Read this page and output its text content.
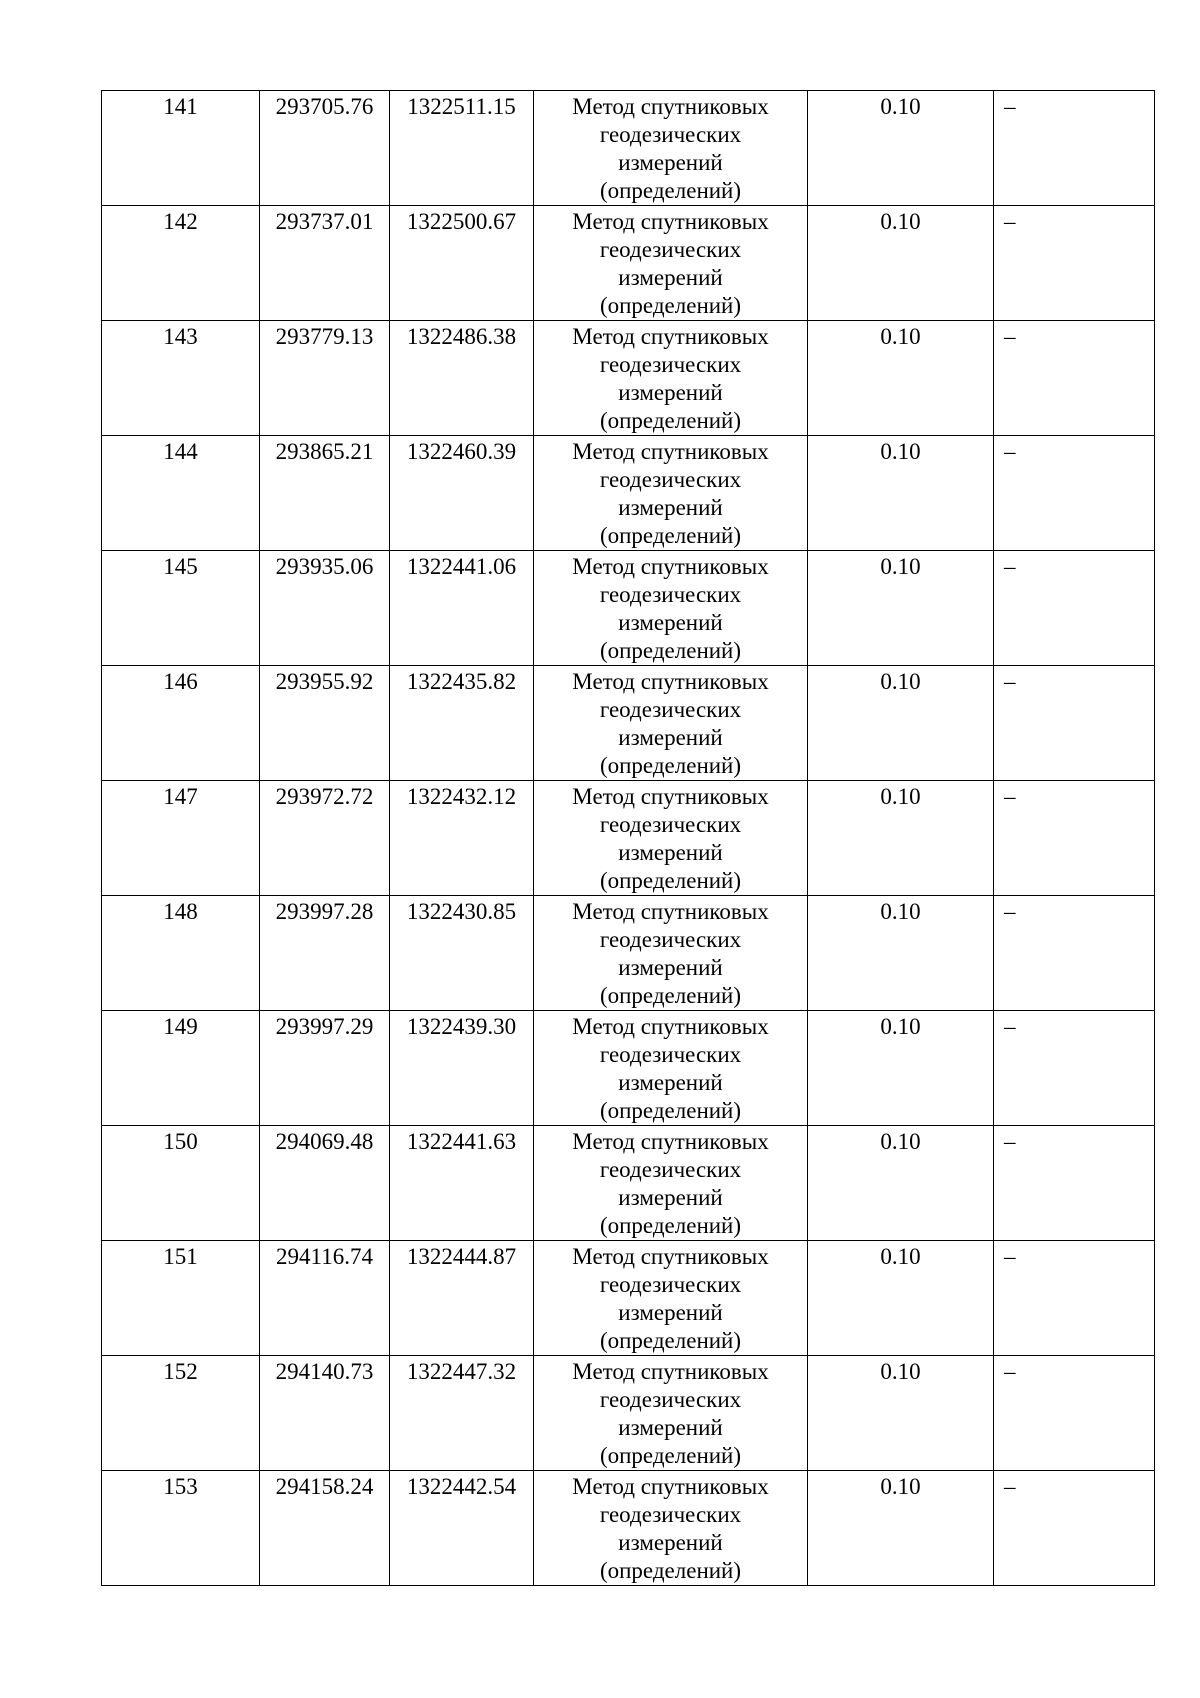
141	293705.76	1322511.15	Метод спутниковых
геодезических
измерений
(определений)	0.10	–

142	293737.01	1322500.67	Метод спутниковых
геодезических
измерений
(определений)	0.10	–

143	293779.13	1322486.38	Метод спутниковых
геодезических
измерений
(определений)	0.10	–

144	293865.21	1322460.39	Метод спутниковых
геодезических
измерений
(определений)	0.10	–

145	293935.06	1322441.06	Метод спутниковых
геодезических
измерений
(определений)	0.10	–

146	293955.92	1322435.82	Метод спутниковых
геодезических
измерений
(определений)	0.10	–

147	293972.72	1322432.12	Метод спутниковых
геодезических
измерений
(определений)	0.10	–

148	293997.28	1322430.85	Метод спутниковых
геодезических
измерений
(определений)	0.10	–

149	293997.29	1322439.30	Метод спутниковых
геодезических
измерений
(определений)	0.10	–

150	294069.48	1322441.63	Метод спутниковых
геодезических
измерений
(определений)	0.10	–

151	294116.74	1322444.87	Метод спутниковых
геодезических
измерений
(определений)	0.10	–

152	294140.73	1322447.32	Метод спутниковых
геодезических
измерений
(определений)	0.10	–

153	294158.24	1322442.54	Метод спутниковых
геодезических
измерений
(определений)	0.10	–
